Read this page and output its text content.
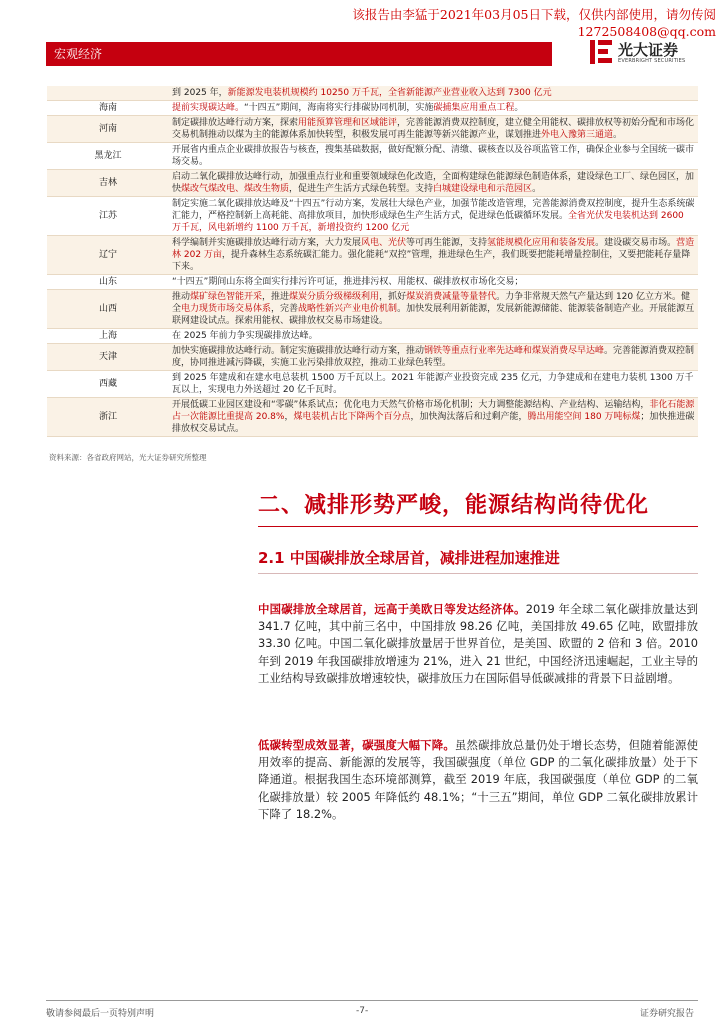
该报告由李猛于2021年03月05日下载，仅供内部使用，请勿传阅
1272508408@qq.com
宏观经济	光大证券
EVERBRIGHT SECURITIES
	到 2025 年，新能源发电装机规模约 10250 万千瓦，全省新能源产业营业收入达到 7300 亿元
海南	提前实现碳达峰。“十四五”期间，海南将实行排碳协同机制，实施碳捕集应用重点工程。
河南	制定碳排放达峰行动方案，探索用能预算管理和区域能评，完善能源消费双控制度，建立健全用能权、碳排放权等初始分配和市场化交易机制推动以煤为主的能源体系加快转型，积极发展可再生能源等新兴能源产业，谋划推进外电入豫第三通道。
黑龙江	开展省内重点企业碳排放报告与核查，搜集基础数据，做好配额分配、清缴、碳核查以及谷项监管工作，确保企业参与全国统一碳市场交易。
吉林	启动二氧化碳排放达峰行动，加强重点行业和重要领域绿色化改造，全面构建绿色能源绿色制造体系，建设绿色工厂、绿色园区，加快煤改气煤改电、煤改生物质，促进生产生活方式绿色转型。支持白城建设绿电和示范园区。
江苏	制定实施二氧化碳排放达峰及“十四五”行动方案，发展壮大绿色产业，加强节能改造管理，完善能源消费双控制度，提升生态系统碳汇能力，严格控制新上高耗能、高排放项目，加快形成绿色生产生活方式，促进绿色低碳循环发展。全省光伏发电装机达到 2600 万千瓦，风电新增约 1100 万千瓦，新增投资约 1200 亿元
辽宁	科学编制并实施碳排放达峰行动方案，大力发展风电、光伏等可再生能源，支持氢能规模化应用和装备发展。建设碳交易市场。营造林 202 万亩，提升森林生态系统碳汇能力。强化能耗“双控”管理，推进绿色生产，我们既要把能耗增量控制住，又要把能耗存量降下来。
山东	“十四五”期间山东将全面实行排污许可证，推进排污权、用能权、碳排放权市场化交易；
山西	推动煤矿绿色智能开采，推进煤炭分质分级梯级利用，抓好煤炭消费减量等量替代。力争非常规天然气产量达到 120 亿立方米。健全电力现货市场交易体系，完善战略性新兴产业电价机制。加快发展利用新能源，发展新能源储能、能源装备制造产业。开展能源互联网建设试点。探索用能权、碳排放权交易市场建设。
上海	在 2025 年前力争实现碳排放达峰。
天津	加快实施碳排放达峰行动。制定实施碳排放达峰行动方案，推动钢铁等重点行业率先达峰和煤炭消费尽早达峰。完善能源消费双控制度，协同推进减污降碳，实施工业污染排放双控，推动工业绿色转型。
西藏	到 2025 年建成和在建水电总装机 1500 万千瓦以上。2021 年能源产业投资完成 235 亿元，力争建成和在建电力装机 1300 万千瓦以上，实现电力外送超过 20 亿千瓦时。
浙江	开展低碳工业园区建设和“零碳”体系试点；优化电力天然气价格市场化机制；大力调整能源结构、产业结构、运输结构，非化石能源占一次能源比重提高 20.8%，煤电装机占比下降两个百分点，加快淘汰落后和过剩产能，腾出用能空间 180 万吨标煤；加快推进碳排放权交易试点。
资料来源：各省政府网站，光大证券研究所整理
二、减排形势严峻，能源结构尚待优化
2.1 中国碳排放全球居首，减排进程加速推进
中国碳排放全球居首，远高于美欧日等发达经济体。2019 年全球二氧化碳排放量达到 341.7 亿吨，其中前三名中，中国排放 98.26 亿吨，美国排放 49.65 亿吨，欧盟排放 33.30 亿吨。中国二氧化碳排放量居于世界首位，是美国、欧盟的 2 倍和 3 倍。2010 年到 2019 年我国碳排放增速为 21%，进入 21 世纪，中国经济迅速崛起，工业主导的工业结构导致碳排放增速较快，碳排放压力在国际倡导低碳减排的背景下日益剧增。
低碳转型成效显著，碳强度大幅下降。虽然碳排放总量仍处于增长态势，但随着能源使用效率的提高、新能源的发展等，我国碳强度（单位 GDP 的二氧化碳排放量）处于下降通道。根据我国生态环境部测算，截至 2019 年底，我国碳强度（单位 GDP 的二氧化碳排放量）较 2005 年降低约 48.1%；“十三五”期间，单位 GDP 二氧化碳排放累计下降了 18.2%。
敬请参阅最后一页特别声明	-7-	证券研究报告
